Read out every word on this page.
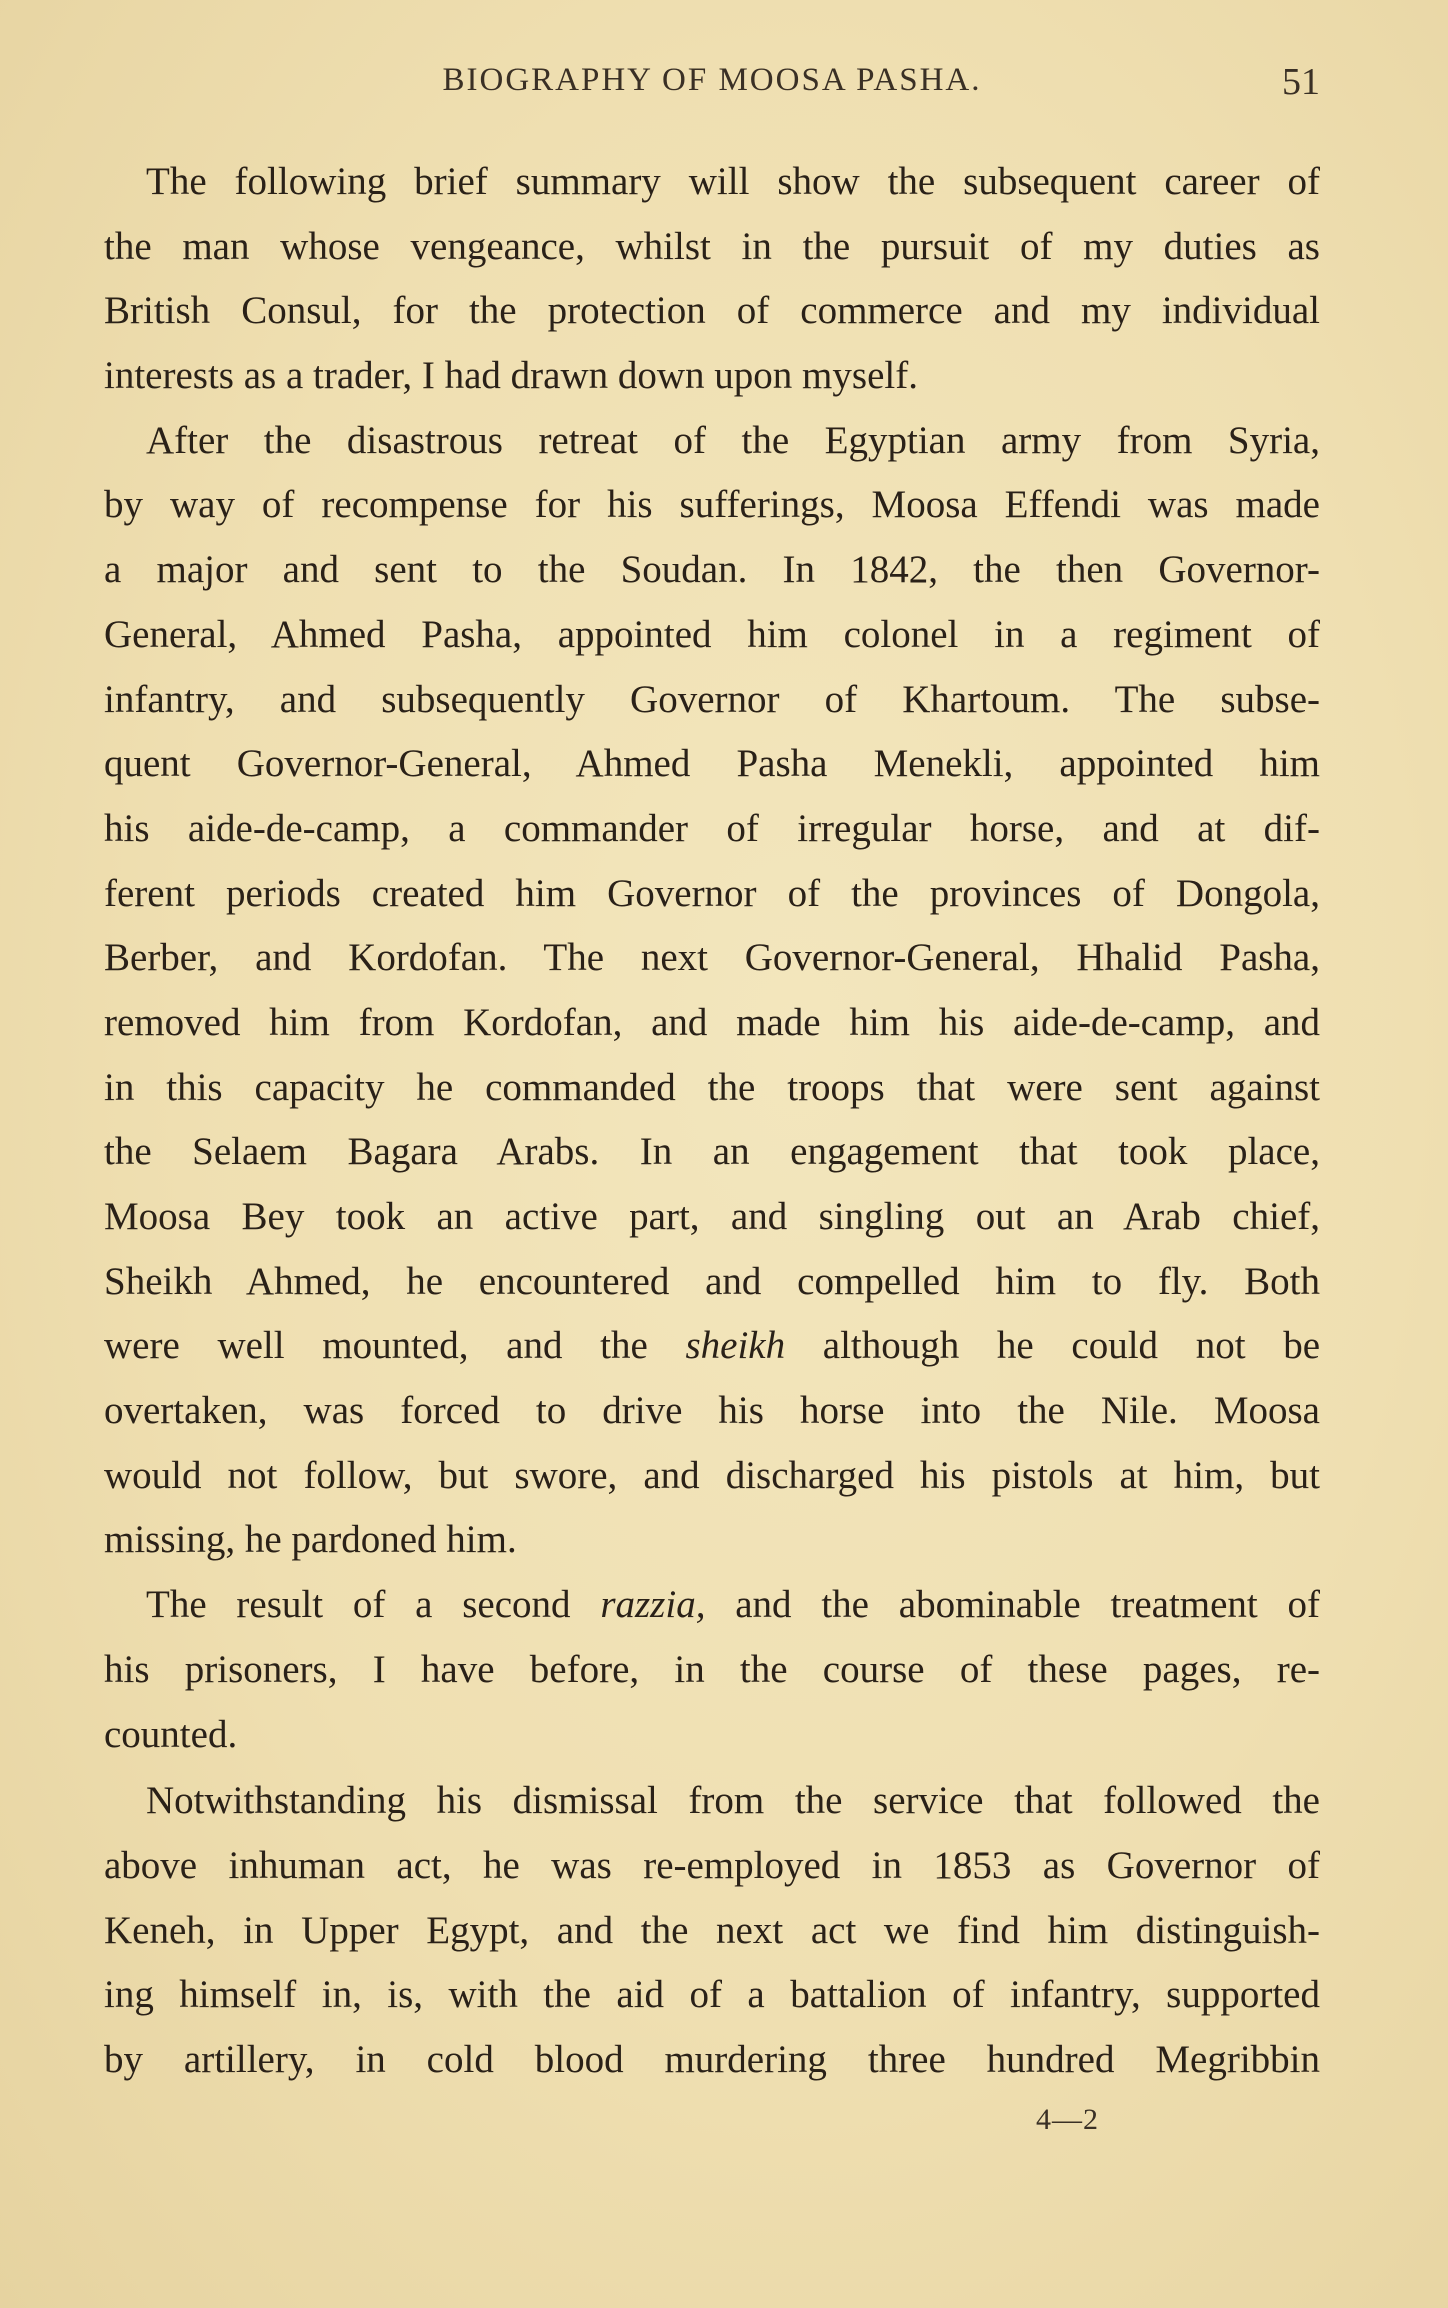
BIOGRAPHY OF MOOSA PASHA.	51
The following brief summary will show the subsequent career of
the man whose vengeance, whilst in the pursuit of my duties as
British Consul, for the protection of commerce and my individual
interests as a trader, I had drawn down upon myself.
After the disastrous retreat of the Egyptian army from Syria,
by way of recompense for his sufferings, Moosa Effendi was made
a major and sent to the Soudan. In 1842, the then Governor-
General, Ahmed Pasha, appointed him colonel in a regiment of
infantry, and subsequently Governor of Khartoum. The subse-
quent Governor-General, Ahmed Pasha Menekli, appointed him
his aide-de-camp, a commander of irregular horse, and at dif-
ferent periods created him Governor of the provinces of Dongola,
Berber, and Kordofan. The next Governor-General, Hhalid Pasha,
removed him from Kordofan, and made him his aide-de-camp, and
in this capacity he commanded the troops that were sent against
the Selaem Bagara Arabs. In an engagement that took place,
Moosa Bey took an active part, and singling out an Arab chief,
Sheikh Ahmed, he encountered and compelled him to fly. Both
were well mounted, and the sheikh although he could not be
overtaken, was forced to drive his horse into the Nile. Moosa
would not follow, but swore, and discharged his pistols at him, but
missing, he pardoned him.
The result of a second razzia, and the abominable treatment of
his prisoners, I have before, in the course of these pages, re-
counted.
Notwithstanding his dismissal from the service that followed the
above inhuman act, he was re-employed in 1853 as Governor of
Keneh, in Upper Egypt, and the next act we find him distinguish-
ing himself in, is, with the aid of a battalion of infantry, supported
by artillery, in cold blood murdering three hundred Megribbin
4—2
